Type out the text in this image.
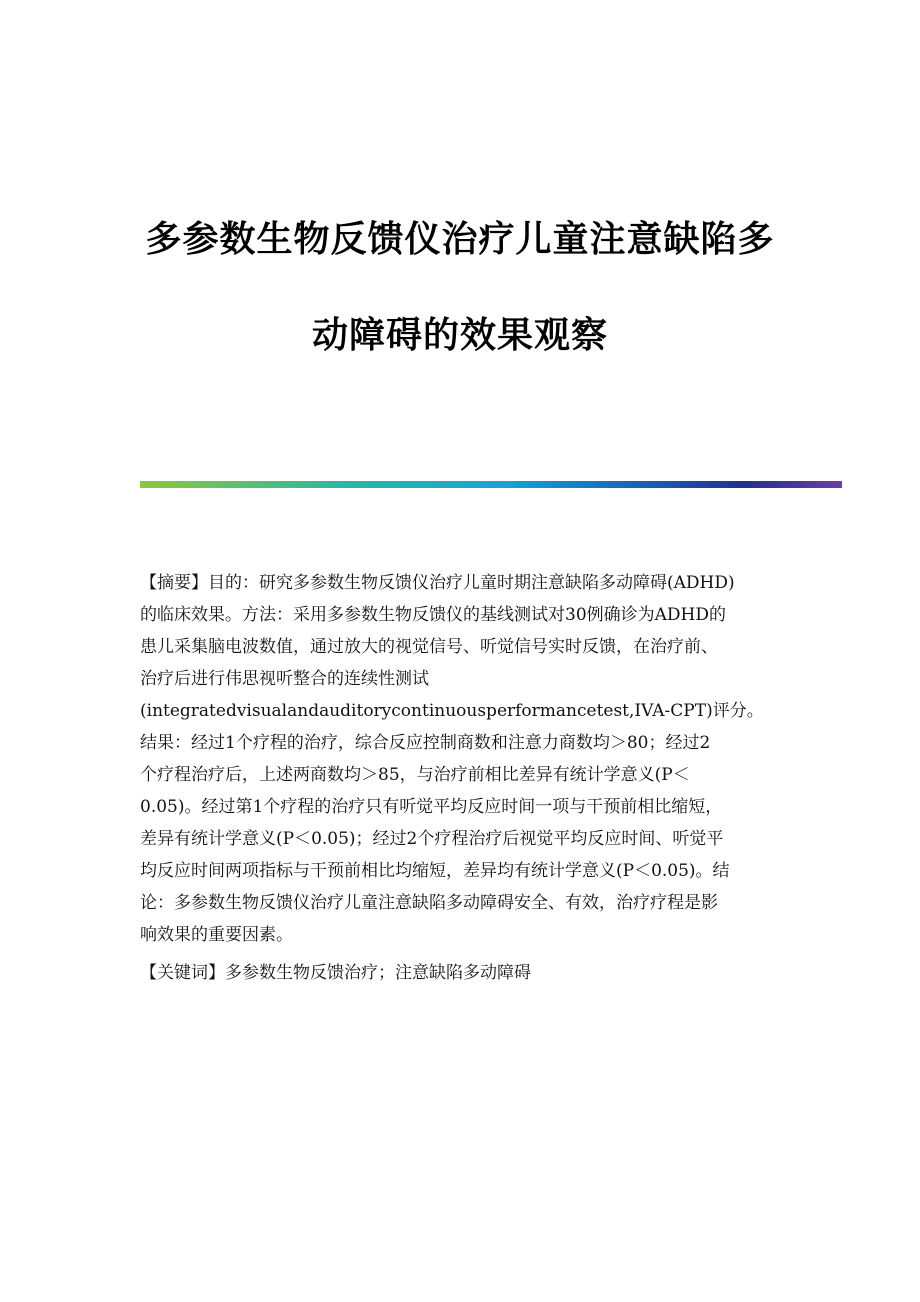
多参数生物反馈仪治疗儿童注意缺陷多
动障碍的效果观察
【摘要】目的：研究多参数生物反馈仪治疗儿童时期注意缺陷多动障碍(ADHD)
的临床效果。方法：采用多参数生物反馈仪的基线测试对30例确诊为ADHD的
患儿采集脑电波数值，通过放大的视觉信号、听觉信号实时反馈，在治疗前、
治疗后进行伟思视听整合的连续性测试
(integratedvisualandauditorycontinuousperformancetest,IVA-CPT)评分。
结果：经过1个疗程的治疗，综合反应控制商数和注意力商数均＞80；经过2
个疗程治疗后，上述两商数均＞85，与治疗前相比差异有统计学意义(P＜
0.05)。经过第1个疗程的治疗只有听觉平均反应时间一项与干预前相比缩短，
差异有统计学意义(P＜0.05)；经过2个疗程治疗后视觉平均反应时间、听觉平
均反应时间两项指标与干预前相比均缩短，差异均有统计学意义(P＜0.05)。结
论：多参数生物反馈仪治疗儿童注意缺陷多动障碍安全、有效，治疗疗程是影
响效果的重要因素。
【关键词】多参数生物反馈治疗；注意缺陷多动障碍
